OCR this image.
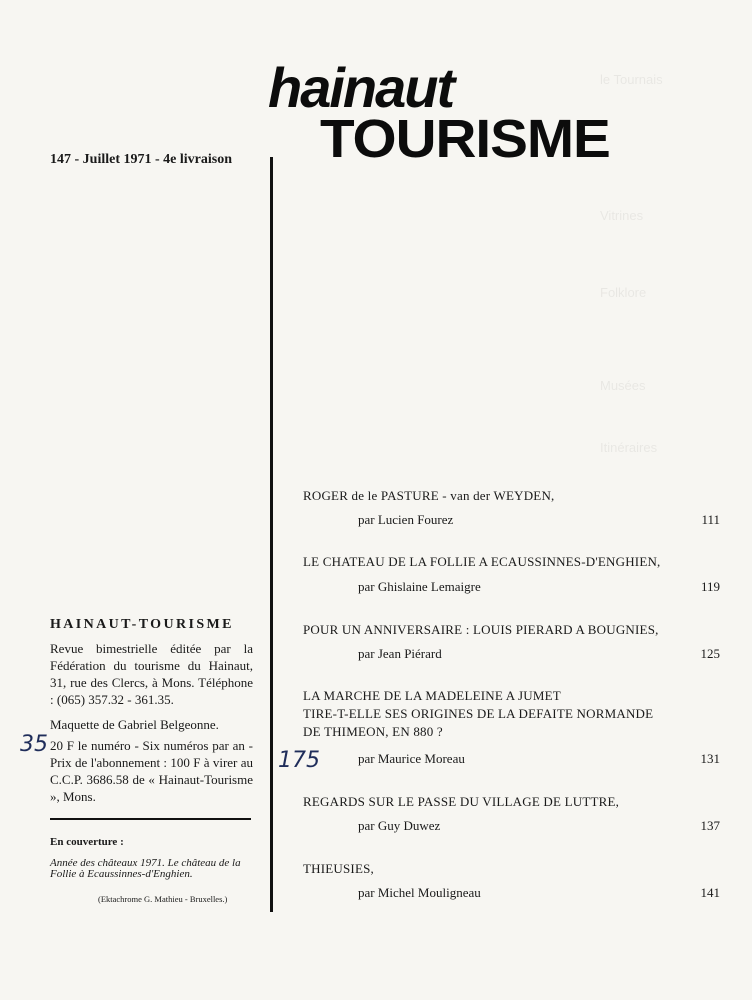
le Tournais
Vitrines
Folklore
Musées
Itinéraires
hainaut
TOURISME
147 - Juillet 1971 - 4e livraison
HAINAUT-TOURISME
Revue bimestrielle éditée par la Fédération du tourisme du Hainaut, 31, rue des Clercs, à Mons. Téléphone : (065) 357.32 - 361.35.
Maquette de Gabriel Belgeonne.
20 F le numéro - Six numéros par an - Prix de l'abonnement : 100 F à virer au C.C.P. 3686.58 de « Hainaut-Tourisme », Mons.
35
175
En couverture :
Année des châteaux 1971. Le château de la Follie à Ecaussinnes-d'Enghien.
(Ektachrome G. Mathieu - Bruxelles.)
ROGER de le PASTURE - van der WEYDEN,
par Lucien Fourez	111
LE CHATEAU DE LA FOLLIE A ECAUSSINNES-D'ENGHIEN,
par Ghislaine Lemaigre	119
POUR UN ANNIVERSAIRE : LOUIS PIERARD A BOUGNIES,
par Jean Piérard	125
LA MARCHE DE LA MADELEINE A JUMET
TIRE-T-ELLE SES ORIGINES DE LA DEFAITE NORMANDE
DE THIMEON, EN 880 ?
par Maurice Moreau	131
REGARDS SUR LE PASSE DU VILLAGE DE LUTTRE,
par Guy Duwez	137
THIEUSIES,
par Michel Mouligneau	141
